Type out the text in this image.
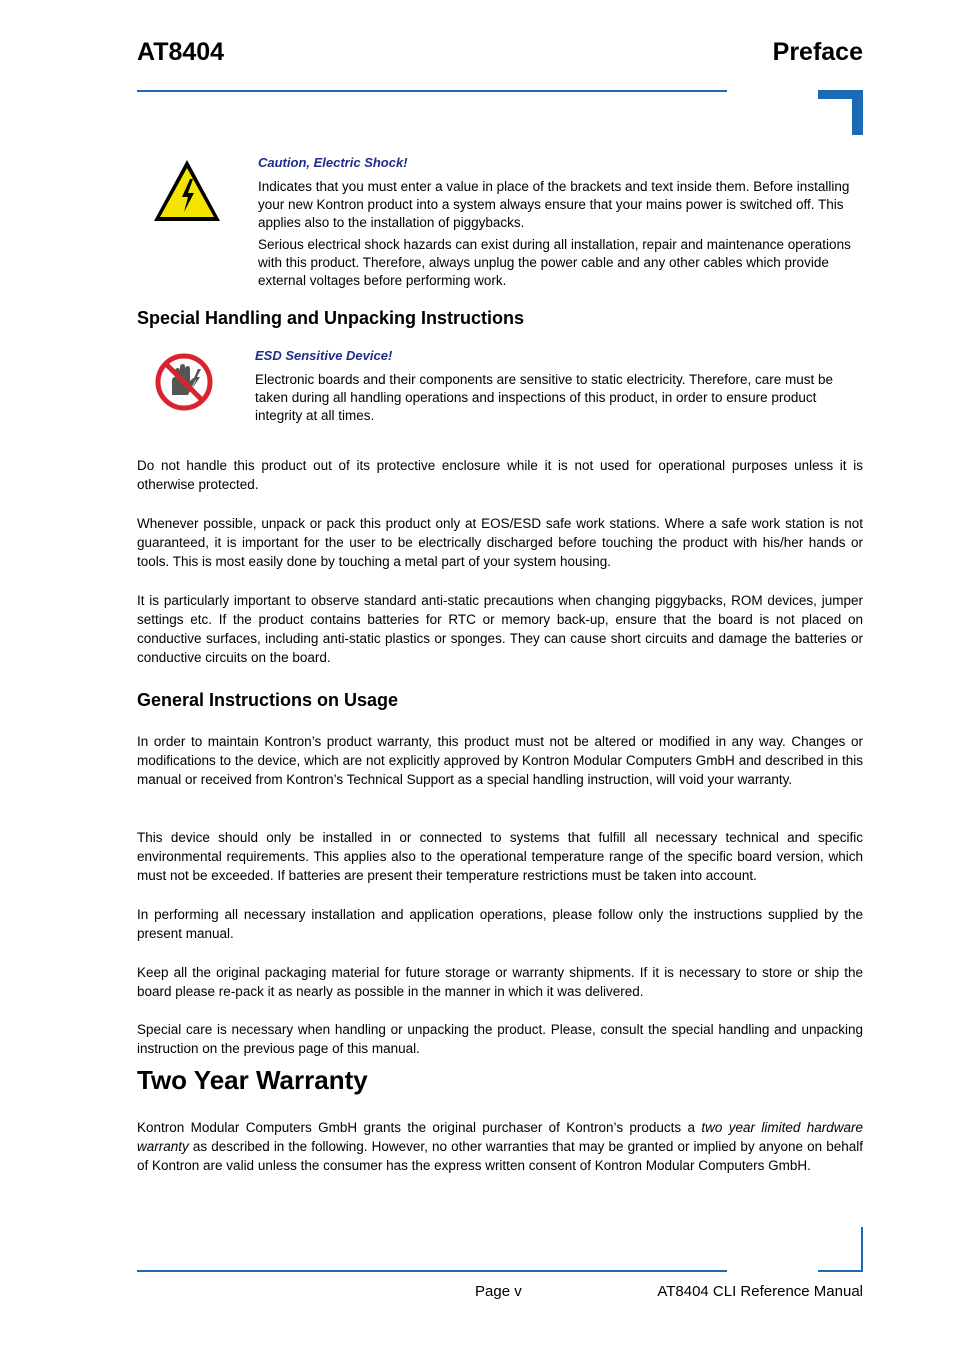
AT8404	Preface
Caution, Electric Shock!
Indicates that you must enter a value in place of the brackets and text inside them. Before installing your new Kontron product into a system always ensure that your mains power is switched off. This applies also to the installation of piggybacks.
Serious electrical shock hazards can exist during all installation, repair and maintenance operations with this product. Therefore, always unplug the power cable and any other cables which provide external voltages before performing work.
Special Handling and Unpacking Instructions
ESD Sensitive Device!
Electronic boards and their components are sensitive to static electricity. Therefore, care must be taken during all handling operations and inspections of this product, in order to ensure product integrity at all times.
Do not handle this product out of its protective enclosure while it is not used for operational purposes unless it is otherwise protected.
Whenever possible, unpack or pack this product only at EOS/ESD safe work stations. Where a safe work station is not guaranteed, it is important for the user to be electrically discharged before touching the product with his/her hands or tools. This is most easily done by touching a metal part of your system housing.
It is particularly important to observe standard anti-static precautions when changing piggybacks, ROM devices, jumper settings etc. If the product contains batteries for RTC or memory back-up, ensure that the board is not placed on conductive surfaces, including anti-static plastics or sponges. They can cause short circuits and damage the batteries or conductive circuits on the board.
General Instructions on Usage
In order to maintain Kontron’s product warranty, this product must not be altered or modified in any way. Changes or modifications to the device, which are not explicitly approved by Kontron Modular Computers GmbH and described in this manual or received from Kontron’s Technical Support as a special handling instruction, will void your warranty.
This device should only be installed in or connected to systems that fulfill all necessary technical and specific environmental requirements. This applies also to the operational temperature range of the specific board version, which must not be exceeded. If batteries are present their temperature restrictions must be taken into account.
In performing all necessary installation and application operations, please follow only the instructions supplied by the present manual.
Keep all the original packaging material for future storage or warranty shipments. If it is necessary to store or ship the board please re-pack it as nearly as possible in the manner in which it was delivered.
Special care is necessary when handling or unpacking the product. Please, consult the special handling and unpacking instruction on the previous page of this manual.
Two Year Warranty
Kontron Modular Computers GmbH grants the original purchaser of Kontron’s products a two year limited hardware warranty as described in the following. However, no other warranties that may be granted or implied by anyone on behalf of Kontron are valid unless the consumer has the express written consent of Kontron Modular Computers GmbH.
Page v	AT8404 CLI Reference Manual
